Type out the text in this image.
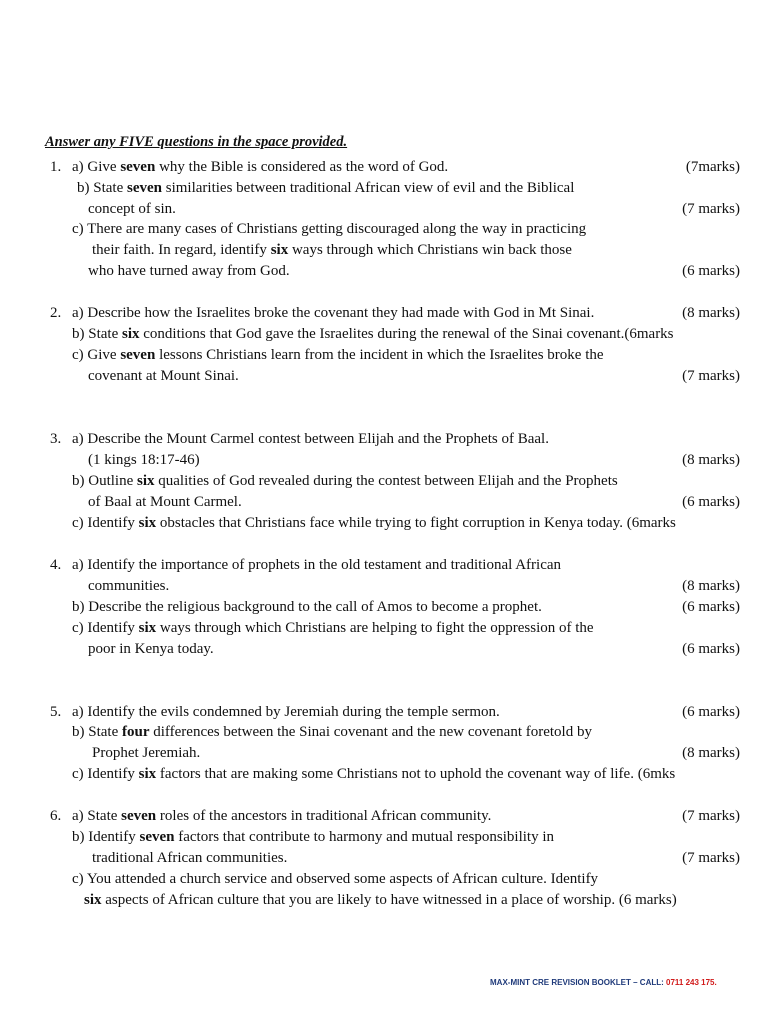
Answer any FIVE questions in the space provided.
1. a) Give seven why the Bible is considered as the word of God.	(7marks)
b) State seven similarities between traditional African view of evil and the Biblical
concept of sin.	(7 marks)
c) There are many cases of Christians getting discouraged along the way in practicing
their faith. In regard, identify six ways through which Christians win back those
who have turned away from God.	(6 marks)
2. a) Describe how the Israelites broke the covenant they had made with God in Mt Sinai.	(8 marks)
b) State six conditions that God gave the Israelites during the renewal of the Sinai covenant.(6marks
c) Give seven lessons Christians learn from the incident in which the Israelites broke the
covenant at Mount Sinai.	(7 marks)
3. a) Describe the Mount Carmel contest between Elijah and the Prophets of Baal.
(1 kings 18:17-46)	(8 marks)
b) Outline six qualities of God revealed during the contest between Elijah and the Prophets
of Baal at Mount Carmel.	(6 marks)
c) Identify six obstacles that Christians face while trying to fight corruption in Kenya today. (6marks
4. a) Identify the importance of prophets in the old testament and traditional African
communities.	(8 marks)
b) Describe the religious background to the call of Amos to become a prophet.	(6 marks)
c) Identify six ways through which Christians are helping to fight the oppression of the
poor in Kenya today.	(6 marks)
5. a) Identify the evils condemned by Jeremiah during the temple sermon.	(6 marks)
b) State four differences between the Sinai covenant and the new covenant foretold by
Prophet Jeremiah.	(8 marks)
c) Identify six factors that are making some Christians not to uphold the covenant way of life. (6mks
6. a) State seven roles of the ancestors in traditional African community.	(7 marks)
b) Identify seven factors that contribute to harmony and mutual responsibility in
traditional African communities.	(7 marks)
c) You attended a church service and observed some aspects of African culture. Identify
six aspects of African culture that you are likely to have witnessed in a place of worship. (6 marks)
MAX-MINT CRE REVISION BOOKLET – CALL: 0711 243 175.
